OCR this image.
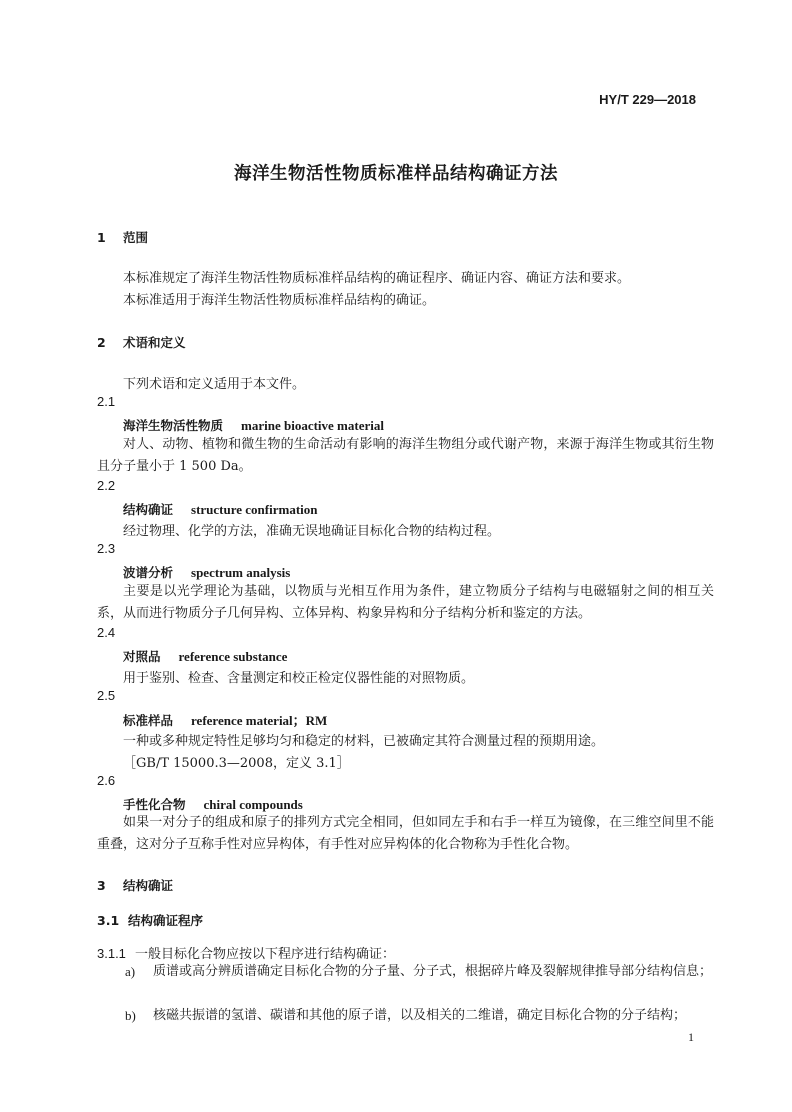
HY/T 229—2018
海洋生物活性物质标准样品结构确证方法
1 范围
本标准规定了海洋生物活性物质标准样品结构的确证程序、确证内容、确证方法和要求。
本标准适用于海洋生物活性物质标准样品结构的确证。
2 术语和定义
下列术语和定义适用于本文件。
2.1
海洋生物活性物质 marine bioactive material
对人、动物、植物和微生物的生命活动有影响的海洋生物组分或代谢产物，来源于海洋生物或其衍生物且分子量小于 1 500 Da。
2.2
结构确证 structure confirmation
经过物理、化学的方法，准确无误地确证目标化合物的结构过程。
2.3
波谱分析 spectrum analysis
主要是以光学理论为基础，以物质与光相互作用为条件，建立物质分子结构与电磁辐射之间的相互关系，从而进行物质分子几何异构、立体异构、构象异构和分子结构分析和鉴定的方法。
2.4
对照品 reference substance
用于鉴别、检查、含量测定和校正检定仪器性能的对照物质。
2.5
标准样品 reference material；RM
一种或多种规定特性足够均匀和稳定的材料，已被确定其符合测量过程的预期用途。
［GB/T 15000.3—2008，定义 3.1］
2.6
手性化合物 chiral compounds
如果一对分子的组成和原子的排列方式完全相同，但如同左手和右手一样互为镜像，在三维空间里不能重叠，这对分子互称手性对应异构体，有手性对应异构体的化合物称为手性化合物。
3 结构确证
3.1 结构确证程序
3.1.1 一般目标化合物应按以下程序进行结构确证：
a) 质谱或高分辨质谱确定目标化合物的分子量、分子式，根据碎片峰及裂解规律推导部分结构信息；
b) 核磁共振谱的氢谱、碳谱和其他的原子谱，以及相关的二维谱，确定目标化合物的分子结构；
1
